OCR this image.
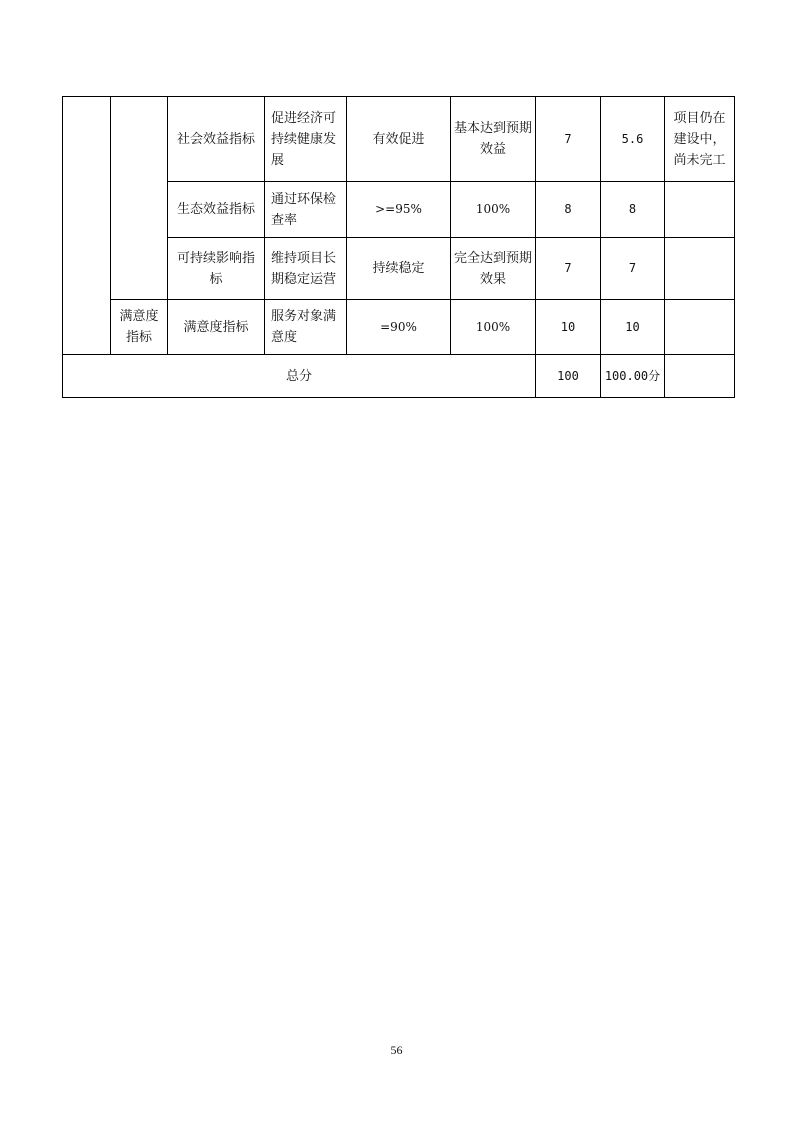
		社会效益指标	促进经济可持续健康发展	有效促进	基本达到预期效益	7	5.6	项目仍在建设中，尚未完工
		生态效益指标	通过环保检查率	>=95%	100%	8	8	
		可持续影响指标	维持项目长期稳定运营	持续稳定	完全达到预期效果	7	7	
	满意度指标	满意度指标	服务对象满意度	=90%	100%	10	10	
总分						100	100.00分	
56
